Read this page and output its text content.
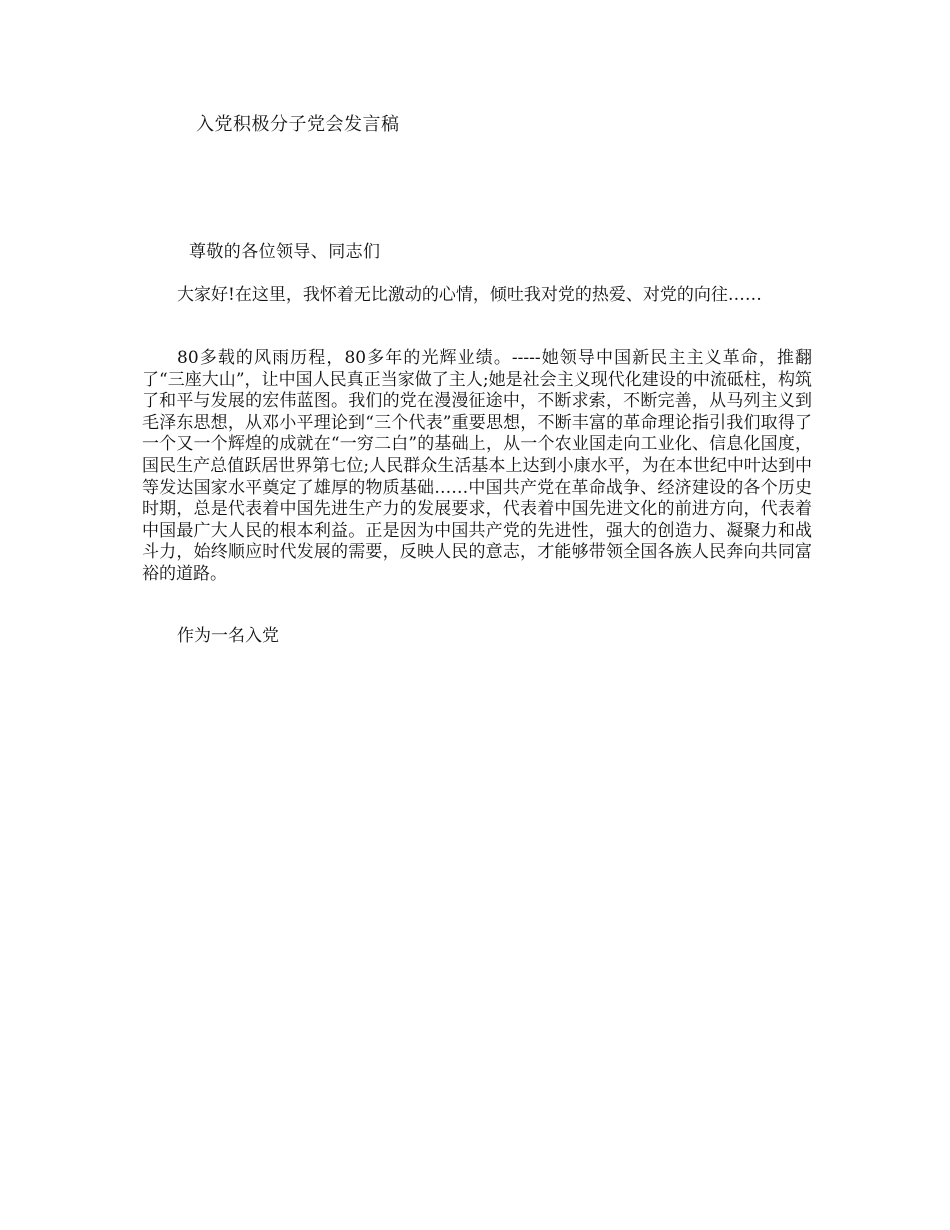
入党积极分子党会发言稿
尊敬的各位领导、同志们

大家好!在这里，我怀着无比激动的心情，倾吐我对党的热爱、对党的向往……

80多载的风雨历程，80多年的光辉业绩。-----她领导中国新民主主义革命，推翻了“三座大山”，让中国人民真正当家做了主人;她是社会主义现代化建设的中流砥柱，构筑了和平与发展的宏伟蓝图。我们的党在漫漫征途中，不断求索，不断完善，从马列主义到毛泽东思想，从邓小平理论到“三个代表”重要思想，不断丰富的革命理论指引我们取得了一个又一个辉煌的成就在“一穷二白”的基础上，从一个农业国走向工业化、信息化国度，国民生产总值跃居世界第七位;人民群众生活基本上达到小康水平，为在本世纪中叶达到中等发达国家水平奠定了雄厚的物质基础……中国共产党在革命战争、经济建设的各个历史时期，总是代表着中国先进生产力的发展要求，代表着中国先进文化的前进方向，代表着中国最广大人民的根本利益。正是因为中国共产党的先进性，强大的创造力、凝聚力和战斗力，始终顺应时代发展的需要，反映人民的意志，才能够带领全国各族人民奔向共同富裕的道路。

作为一名入党
